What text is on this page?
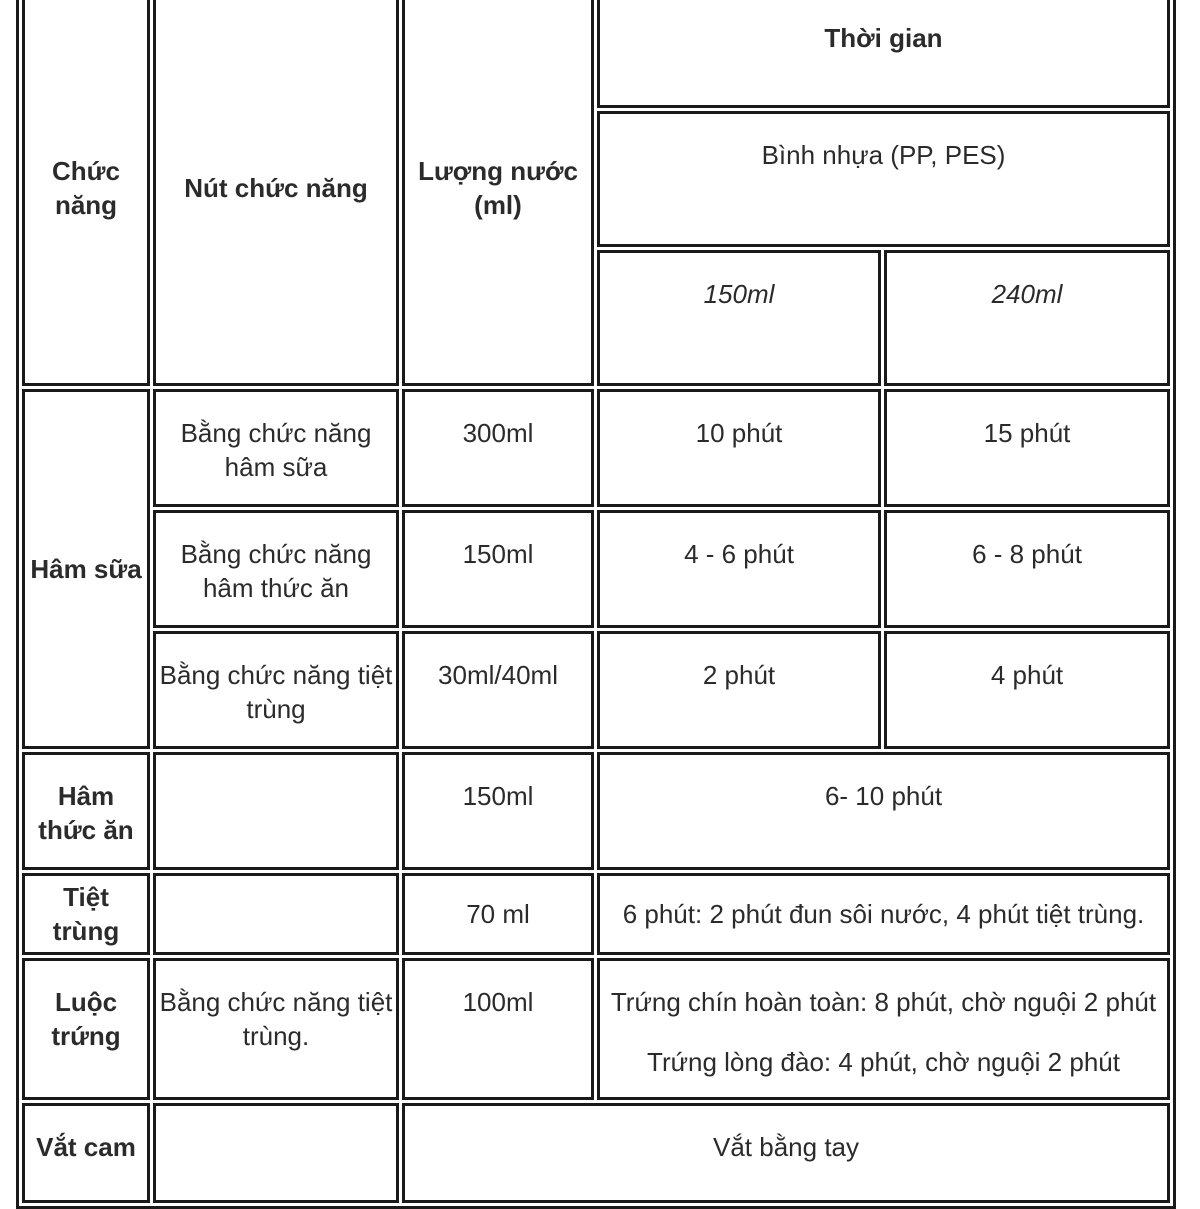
Chức năng	Nút chức năng	Lượng nước (ml)	Thời gian	
			Bình nhựa (PP, PES)	
			150ml	240ml
Hâm sữa	Bằng chức năng hâm sữa	300ml	10 phút	15 phút
	Bằng chức năng hâm thức ăn	150ml	4 - 6 phút	6 - 8 phút
	Bằng chức năng tiệt trùng	30ml/40ml	2 phút	4 phút
Hâm thức ăn		150ml	6- 10 phút	
Tiệt trùng		70 ml	6 phút: 2 phút đun sôi nước, 4 phút tiệt trùng.	
Luộc trứng	Bằng chức năng tiệt trùng.	100ml	Trứng chín hoàn toàn: 8 phút, chờ nguội 2 phút
Trứng lòng đào: 4 phút, chờ nguội 2 phút	

Vắt cam		Vắt bằng tay		
